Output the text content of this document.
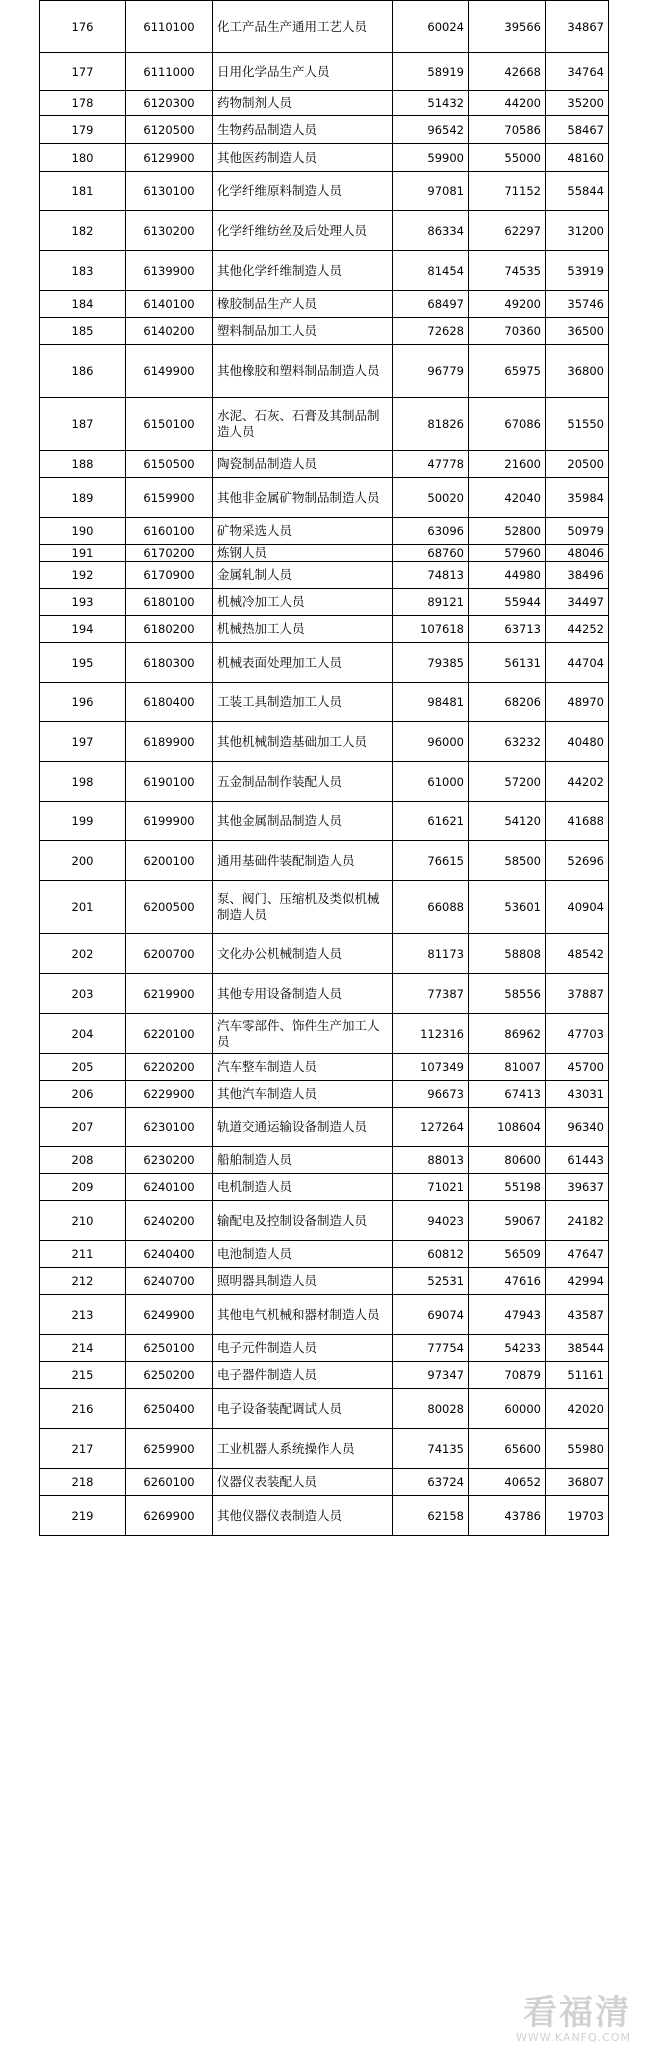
176	6110100	化工产品生产通用工艺人员	60024	39566	34867
177	6111000	日用化学品生产人员	58919	42668	34764
178	6120300	药物制剂人员	51432	44200	35200
179	6120500	生物药品制造人员	96542	70586	58467
180	6129900	其他医药制造人员	59900	55000	48160
181	6130100	化学纤维原料制造人员	97081	71152	55844
182	6130200	化学纤维纺丝及后处理人员	86334	62297	31200
183	6139900	其他化学纤维制造人员	81454	74535	53919
184	6140100	橡胶制品生产人员	68497	49200	35746
185	6140200	塑料制品加工人员	72628	70360	36500
186	6149900	其他橡胶和塑料制品制造人员	96779	65975	36800
187	6150100	水泥、石灰、石膏及其制品制造人员	81826	67086	51550
188	6150500	陶瓷制品制造人员	47778	21600	20500
189	6159900	其他非金属矿物制品制造人员	50020	42040	35984
190	6160100	矿物采选人员	63096	52800	50979
191	6170200	炼钢人员	68760	57960	48046
192	6170900	金属轧制人员	74813	44980	38496
193	6180100	机械冷加工人员	89121	55944	34497
194	6180200	机械热加工人员	107618	63713	44252
195	6180300	机械表面处理加工人员	79385	56131	44704
196	6180400	工装工具制造加工人员	98481	68206	48970
197	6189900	其他机械制造基础加工人员	96000	63232	40480
198	6190100	五金制品制作装配人员	61000	57200	44202
199	6199900	其他金属制品制造人员	61621	54120	41688
200	6200100	通用基础件装配制造人员	76615	58500	52696
201	6200500	泵、阀门、压缩机及类似机械制造人员	66088	53601	40904
202	6200700	文化办公机械制造人员	81173	58808	48542
203	6219900	其他专用设备制造人员	77387	58556	37887
204	6220100	汽车零部件、饰件生产加工人员	112316	86962	47703
205	6220200	汽车整车制造人员	107349	81007	45700
206	6229900	其他汽车制造人员	96673	67413	43031
207	6230100	轨道交通运输设备制造人员	127264	108604	96340
208	6230200	船舶制造人员	88013	80600	61443
209	6240100	电机制造人员	71021	55198	39637
210	6240200	输配电及控制设备制造人员	94023	59067	24182
211	6240400	电池制造人员	60812	56509	47647
212	6240700	照明器具制造人员	52531	47616	42994
213	6249900	其他电气机械和器材制造人员	69074	47943	43587
214	6250100	电子元件制造人员	77754	54233	38544
215	6250200	电子器件制造人员	97347	70879	51161
216	6250400	电子设备装配调试人员	80028	60000	42020
217	6259900	工业机器人系统操作人员	74135	65600	55980
218	6260100	仪器仪表装配人员	63724	40652	36807
219	6269900	其他仪器仪表制造人员	62158	43786	19703
看福清
WWW.KANFQ.COM
